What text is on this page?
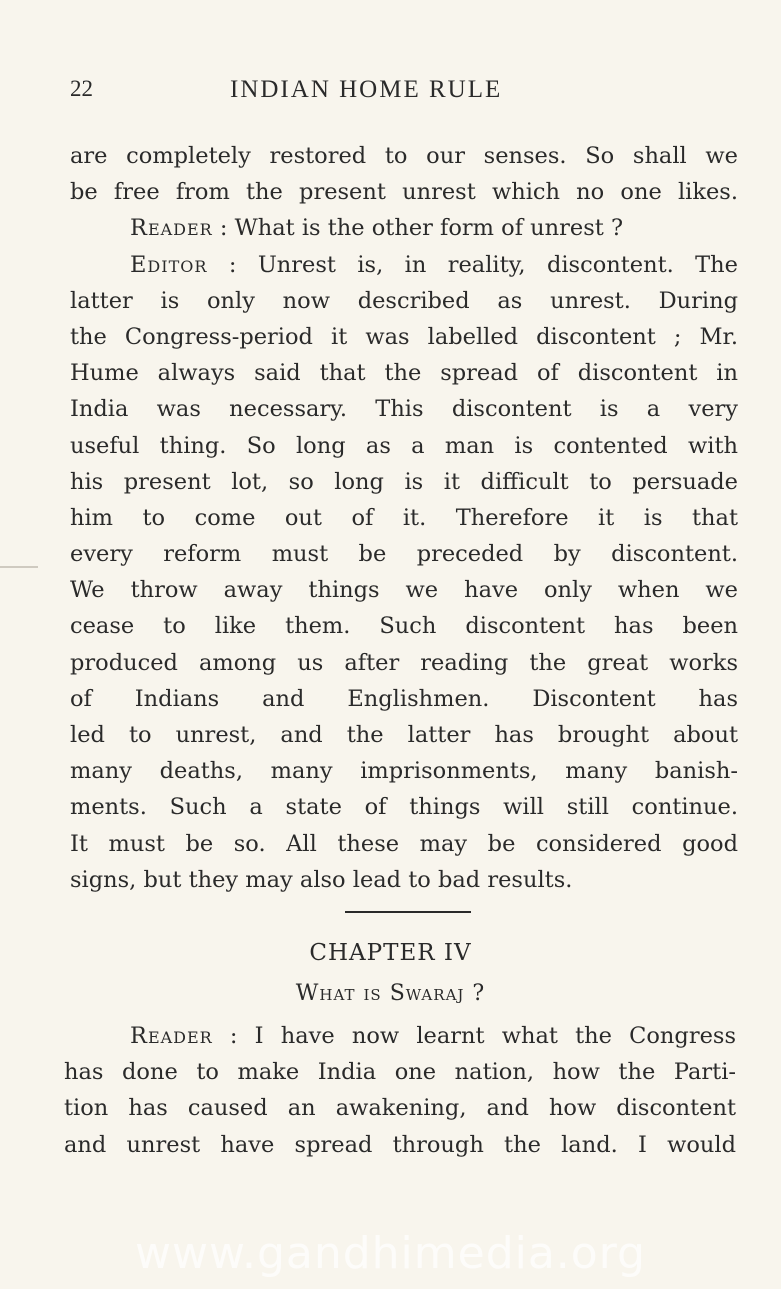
22	INDIAN HOME RULE
are completely restored to our senses. So shall we
be free from the present unrest which no one likes.
Reader : What is the other form of unrest ?
Editor : Unrest is, in reality, discontent. The
latter is only now described as unrest. During
the Congress-period it was labelled discontent ; Mr.
Hume always said that the spread of discontent in
India was necessary. This discontent is a very
useful thing. So long as a man is contented with
his present lot, so long is it difficult to persuade
him to come out of it. Therefore it is that
every reform must be preceded by discontent.
We throw away things we have only when we
cease to like them. Such discontent has been
produced among us after reading the great works
of Indians and Englishmen. Discontent has
led to unrest, and the latter has brought about
many deaths, many imprisonments, many banish-
ments. Such a state of things will still continue.
It must be so. All these may be considered good
signs, but they may also lead to bad results.
CHAPTER IV
What is Swaraj ?
Reader : I have now learnt what the Congress
has done to make India one nation, how the Parti-
tion has caused an awakening, and how discontent
and unrest have spread through the land. I would
www.gandhimedia.org
